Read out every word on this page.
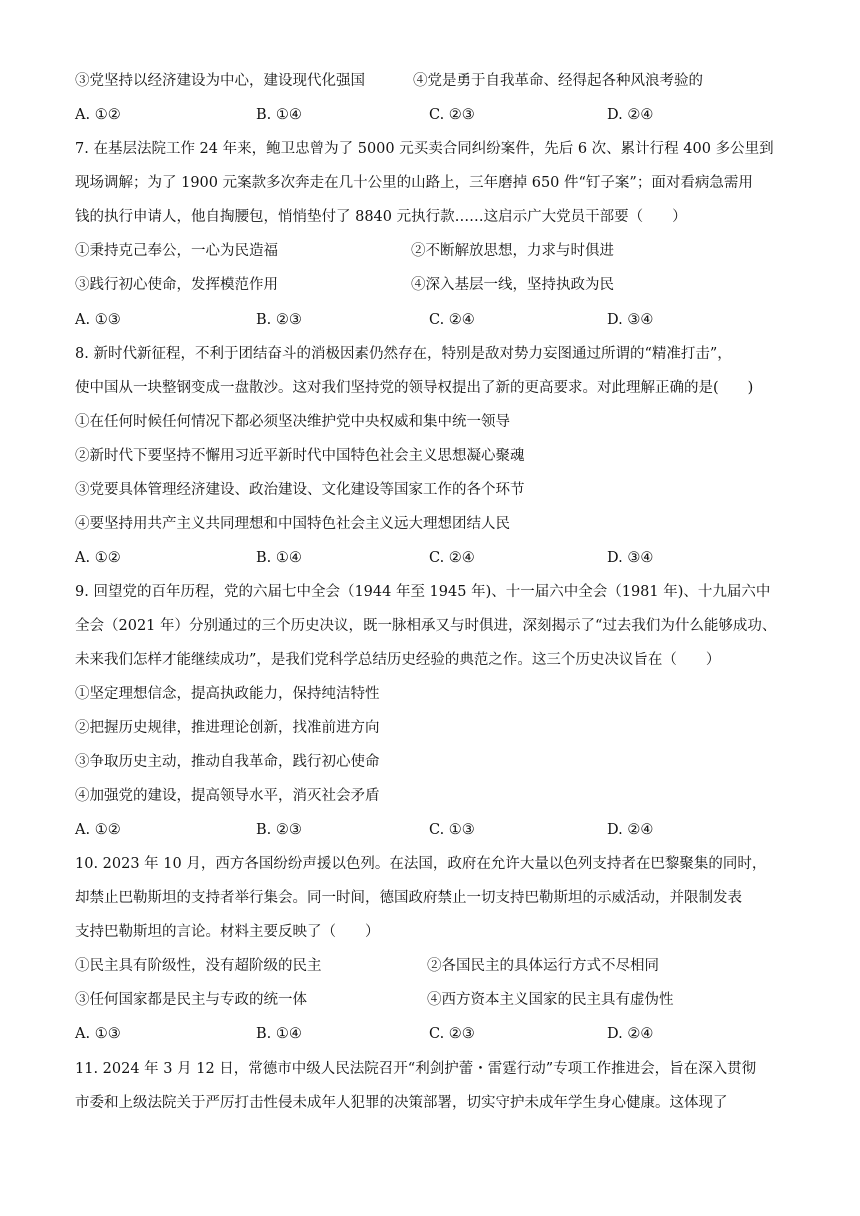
③党坚持以经济建设为中心，建设现代化强国	④党是勇于自我革命、经得起各种风浪考验的
A. ①②	B. ①④	C. ②③	D. ②④
7. 在基层法院工作 24 年来，鲍卫忠曾为了 5000 元买卖合同纠纷案件，先后 6 次、累计行程 400 多公里到
现场调解；为了 1900 元案款多次奔走在几十公里的山路上，三年磨掉 650 件“钉子案”；面对看病急需用
钱的执行申请人，他自掏腰包，悄悄垫付了 8840 元执行款……这启示广大党员干部要（　　）
①秉持克己奉公，一心为民造福	②不断解放思想，力求与时俱进
③践行初心使命，发挥模范作用	④深入基层一线，坚持执政为民
A. ①③	B. ②③	C. ②④	D. ③④
8. 新时代新征程，不利于团结奋斗的消极因素仍然存在，特别是敌对势力妄图通过所谓的“精准打击”，
使中国从一块整钢变成一盘散沙。这对我们坚持党的领导权提出了新的更高要求。对此理解正确的是(　　)
①在任何时候任何情况下都必须坚决维护党中央权威和集中统一领导
②新时代下要坚持不懈用习近平新时代中国特色社会主义思想凝心聚魂
③党要具体管理经济建设、政治建设、文化建设等国家工作的各个环节
④要坚持用共产主义共同理想和中国特色社会主义远大理想团结人民
A. ①②	B. ①④	C. ②④	D. ③④
9. 回望党的百年历程，党的六届七中全会（1944 年至 1945 年)、十一届六中全会（1981 年)、十九届六中
全会（2021 年）分别通过的三个历史决议，既一脉相承又与时俱进，深刻揭示了“过去我们为什么能够成功、
未来我们怎样才能继续成功”，是我们党科学总结历史经验的典范之作。这三个历史决议旨在（　　）
①坚定理想信念，提高执政能力，保持纯洁特性
②把握历史规律，推进理论创新，找准前进方向
③争取历史主动，推动自我革命，践行初心使命
④加强党的建设，提高领导水平，消灭社会矛盾
A. ①②	B. ②③	C. ①③	D. ②④
10. 2023 年 10 月，西方各国纷纷声援以色列。在法国，政府在允许大量以色列支持者在巴黎聚集的同时，
却禁止巴勒斯坦的支持者举行集会。同一时间，德国政府禁止一切支持巴勒斯坦的示威活动，并限制发表
支持巴勒斯坦的言论。材料主要反映了（　　）
①民主具有阶级性，没有超阶级的民主	②各国民主的具体运行方式不尽相同
③任何国家都是民主与专政的统一体	④西方资本主义国家的民主具有虚伪性
A. ①③	B. ①④	C. ②③	D. ②④
11. 2024 年 3 月 12 日，常德市中级人民法院召开“利剑护蕾・雷霆行动”专项工作推进会，旨在深入贯彻
市委和上级法院关于严厉打击性侵未成年人犯罪的决策部署，切实守护未成年学生身心健康。这体现了
